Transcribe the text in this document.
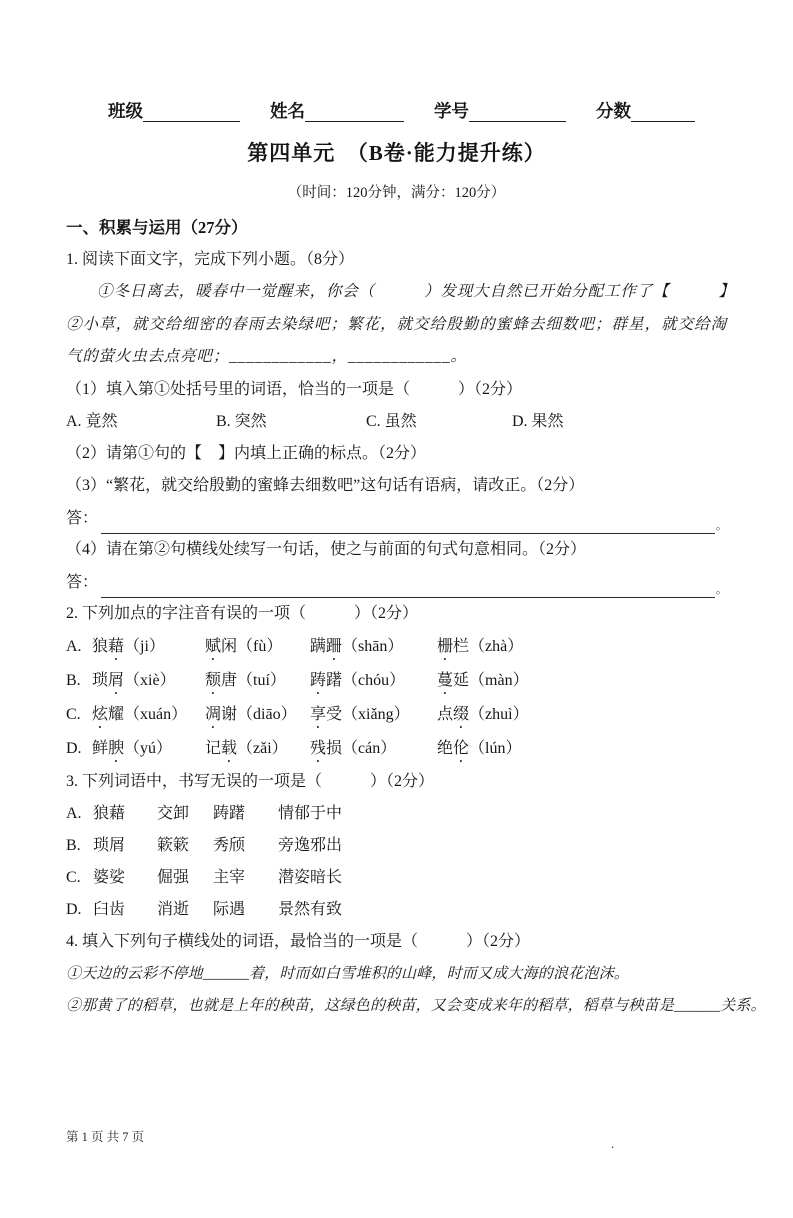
班级	姓名	学号	分数
第四单元　（B卷·能力提升练）
（时间：120分钟，满分：120分）
一、积累与运用（27分）
1. 阅读下面文字，完成下列小题。（8分）

①冬日离去，暖春中一觉醒来，你会（　　　）发现大自然已开始分配工作了【　　　】②小草，就交给细密的春雨去染绿吧；繁花，就交给殷勤的蜜蜂去细数吧；群星，就交给淘气的萤火虫去点亮吧；____________，____________。

（1）填入第①处括号里的词语，恰当的一项是（　　　）（2分）
A. 竟然	B. 突然	C. 虽然	D. 果然
（2）请第①句的【　】内填上正确的标点。（2分）
（3）“繁花，就交给殷勤的蜜蜂去细数吧”这句话有语病，请改正。（2分）
答：	。
（4）请在第②句横线处续写一句话，使之与前面的句式句意相同。（2分）
答：	。
2. 下列加点的字注音有误的一项（　　　）（2分）
A. 狼藉（ji）	赋闲（fù）	蹒跚（shān）	栅栏（zhà）
B. 琐屑（xiè）	颓唐（tuí）	踌躇（chóu）	蔓延（màn）
C. 炫耀（xuán）	凋谢（diāo） 享受（xiǎng）	点缀（zhuì）
D. 鲜腴（yú）	记载（zǎi）	残损（cán）	绝伦（lún）
3. 下列词语中，书写无误的一项是（　　　）（2分）
A. 狼藉	交卸	踌躇	情郁于中
B. 琐屑	簌簌	秀颀	旁逸邪出
C. 婆娑	倔强	主宰	潜姿暗长
D. 臼齿	消逝	际遇	景然有致
4. 填入下列句子横线处的词语，最恰当的一项是（　　　）（2分）
①天边的云彩不停地______着，时而如白雪堆积的山峰，时而又成大海的浪花泡沫。
②那黄了的稻草，也就是上年的秧苗，这绿色的秧苗，又会变成来年的稻草，稻草与秧苗是______关系。
第 1 页 共 7 页	.
